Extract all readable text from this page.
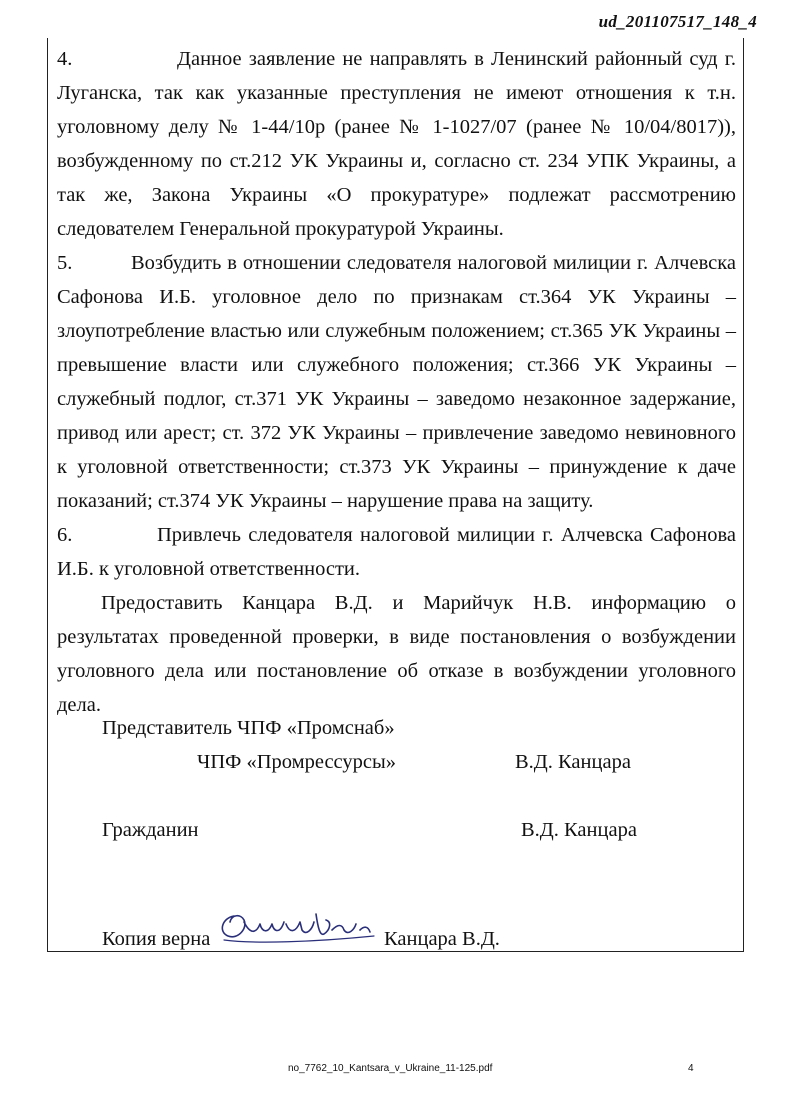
ud_201107517_148_4

4.	Данное заявление не направлять в Ленинский районный суд г. Луганска, так как указанные преступления не имеют отношения к т.н. уголовному делу № 1-44/10р (ранее № 1-1027/07 (ранее № 10/04/8017)), возбужденному по ст.212 УК Украины и, согласно ст. 234 УПК Украины, а так же, Закона Украины «О прокуратуре» подлежат рассмотрению следователем Генеральной прокуратурой Украины.

5.	Возбудить в отношении следователя налоговой милиции г. Алчевска Сафонова И.Б. уголовное дело по признакам ст.364 УК Украины – злоупотребление властью или служебным положением; ст.365 УК Украины – превышение власти или служебного положения; ст.366 УК Украины – служебный подлог, ст.371 УК Украины – заведомо незаконное задержание, привод или арест; ст. 372 УК Украины – привлечение заведомо невиновного к уголовной ответственности; ст.373 УК Украины – принуждение к даче показаний; ст.374 УК Украины – нарушение права на защиту.

6.	Привлечь следователя налоговой милиции г. Алчевска Сафонова И.Б. к уголовной ответственности.

Предоставить Канцара В.Д. и Марийчук Н.В. информацию о результатах проведенной проверки, в виде постановления о возбуждении уголовного дела или постановление об отказе в возбуждении уголовного дела.

Представитель ЧПФ «Промснаб»
ЧПФ «Промрессурсы»	В.Д. Канцара
Гражданин	В.Д. Канцара
Копия верна	Канцара В.Д.
no_7762_10_Kantsara_v_Ukraine_11-125.pdf	4
